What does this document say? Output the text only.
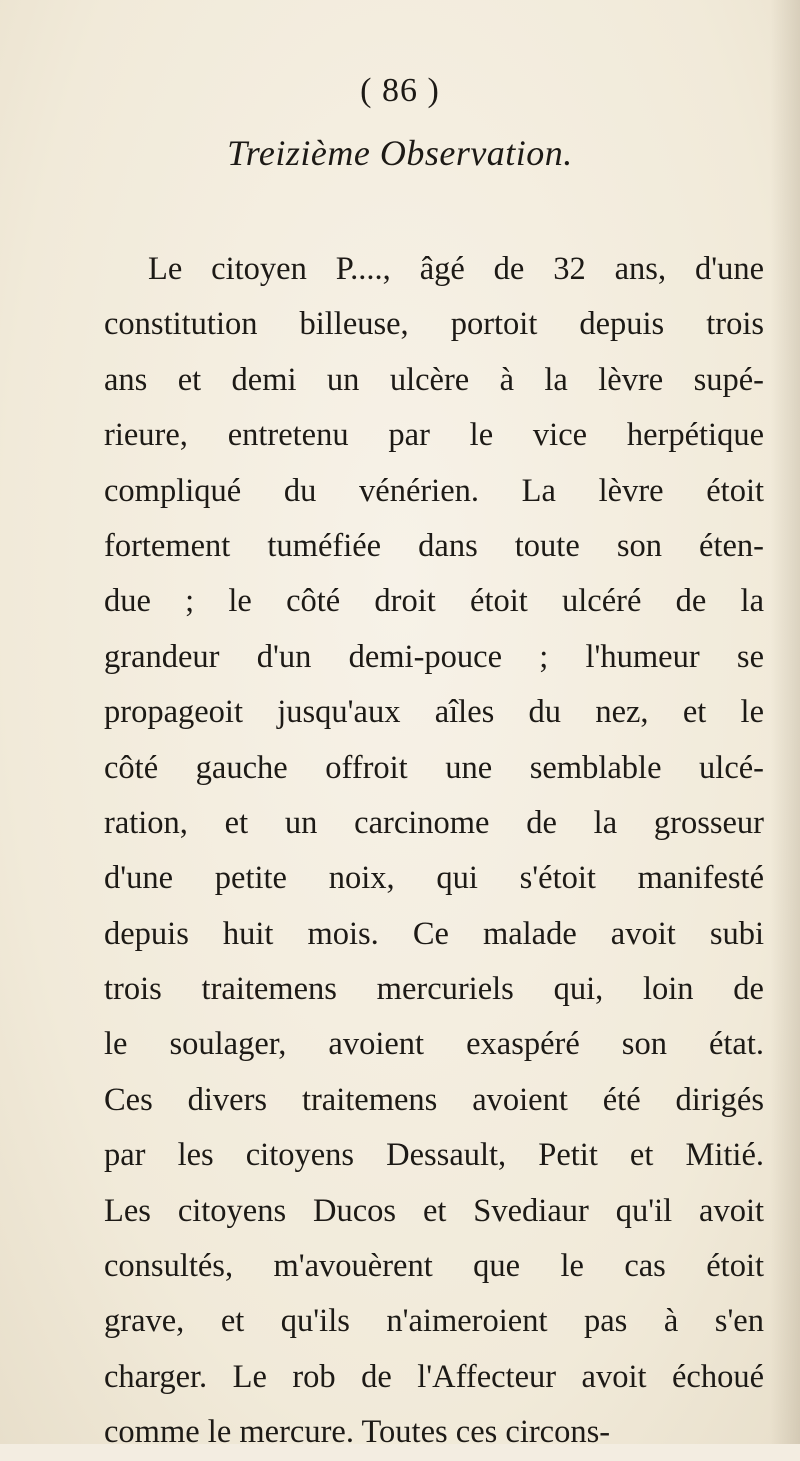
( 86 )
Treizième Observation.
Le citoyen P...., âgé de 32 ans, d'une
constitution billeuse, portoit depuis trois
ans et demi un ulcère à la lèvre supé-
rieure, entretenu par le vice herpétique
compliqué du vénérien. La lèvre étoit
fortement tuméfiée dans toute son éten-
due ; le côté droit étoit ulcéré de la
grandeur d'un demi-pouce ; l'humeur se
propageoit jusqu'aux aîles du nez, et le
côté gauche offroit une semblable ulcé-
ration, et un carcinome de la grosseur
d'une petite noix, qui s'étoit manifesté
depuis huit mois. Ce malade avoit subi
trois traitemens mercuriels qui, loin de
le soulager, avoient exaspéré son état.
Ces divers traitemens avoient été dirigés
par les citoyens Dessault, Petit et Mitié.
Les citoyens Ducos et Svediaur qu'il avoit
consultés, m'avouèrent que le cas étoit
grave, et qu'ils n'aimeroient pas à s'en
charger. Le rob de l'Affecteur avoit échoué
comme le mercure. Toutes ces circons-
